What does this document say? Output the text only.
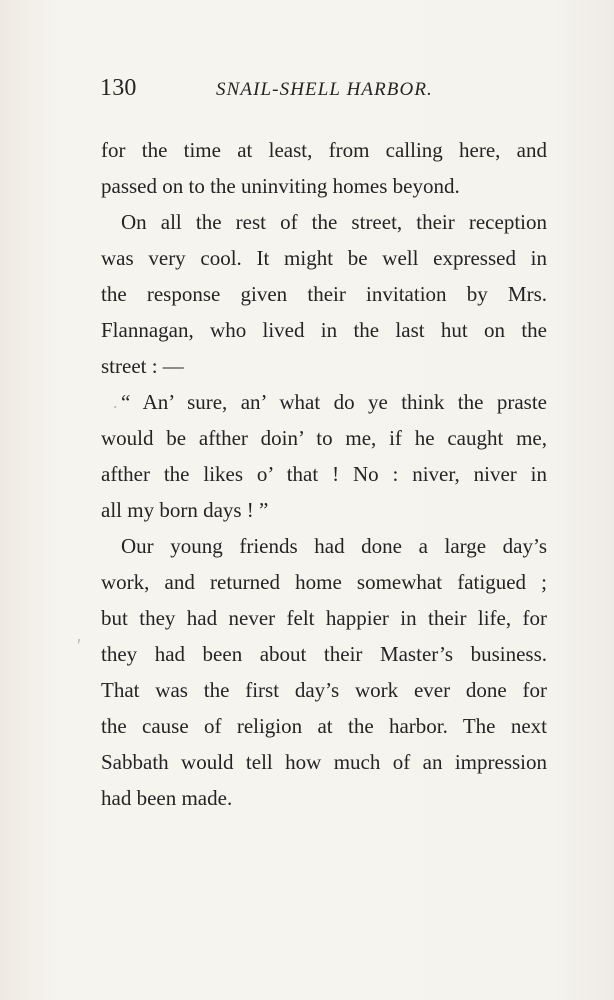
130	SNAIL-SHELL HARBOR.
for the time at least, from calling here, and
passed on to the uninviting homes beyond.
On all the rest of the street, their reception
was very cool. It might be well expressed in
the response given their invitation by Mrs.
Flannagan, who lived in the last hut on the
street : —
“ An’ sure, an’ what do ye think the praste
would be afther doin’ to me, if he caught me,
afther the likes o’ that ! No : niver, niver in
all my born days ! ”
Our young friends had done a large day’s
work, and returned home somewhat fatigued ;
but they had never felt happier in their life, for
they had been about their Master’s business.
That was the first day’s work ever done for
the cause of religion at the harbor. The next
Sabbath would tell how much of an impression
had been made.
.
'
